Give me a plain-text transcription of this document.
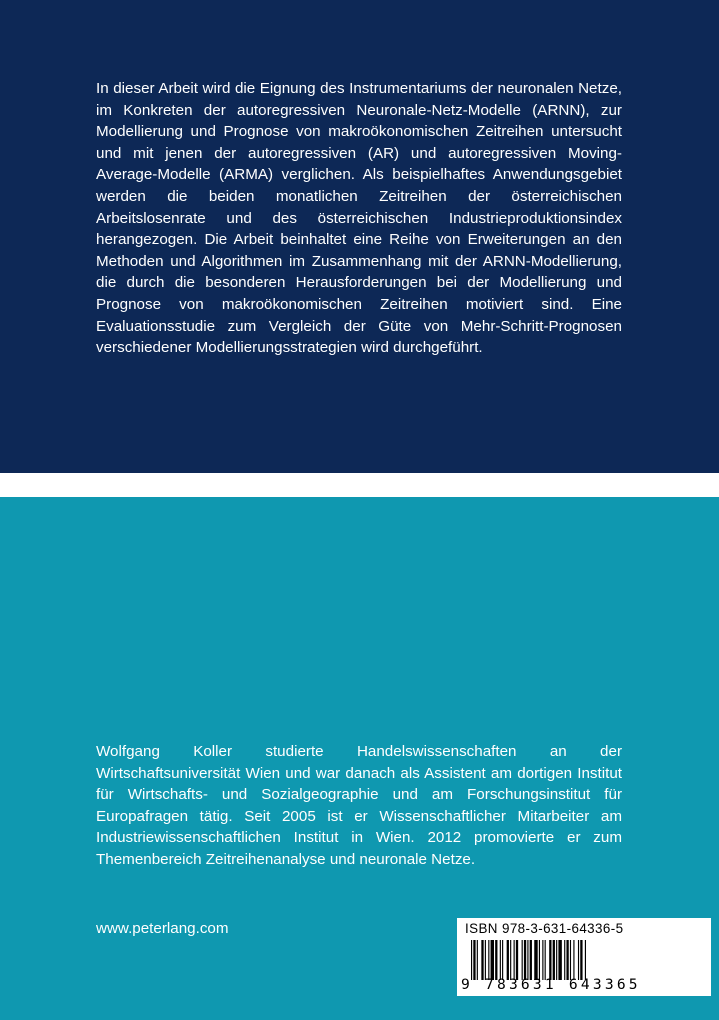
In dieser Arbeit wird die Eignung des Instrumentariums der neuronalen Netze, im Konkreten der autoregressiven Neuronale-Netz-Modelle (ARNN), zur Modellierung und Prognose von makroökonomischen Zeitreihen untersucht und mit jenen der autoregressiven (AR) und autoregressiven Moving-Average-Modelle (ARMA) verglichen. Als beispielhaftes Anwendungsgebiet werden die beiden monatlichen Zeitreihen der österreichischen Arbeitslosenrate und des österreichischen Industrieproduktionsindex herangezogen. Die Arbeit beinhaltet eine Reihe von Erweiterungen an den Methoden und Algorithmen im Zusammenhang mit der ARNN-Modellierung, die durch die besonderen Herausforderungen bei der Modellierung und Prognose von makroökonomischen Zeitreihen motiviert sind. Eine Evaluationsstudie zum Vergleich der Güte von Mehr-Schritt-Prognosen verschiedener Modellierungsstrategien wird durchgeführt.

Wolfgang Koller studierte Handelswissenschaften an der Wirtschaftsuniversität Wien und war danach als Assistent am dortigen Institut für Wirtschafts- und Sozialgeographie und am Forschungsinstitut für Europafragen tätig. Seit 2005 ist er Wissenschaftlicher Mitarbeiter am Industriewissenschaftlichen Institut in Wien. 2012 promovierte er zum Themenbereich Zeitreihenanalyse und neuronale Netze.

www.peterlang.com	ISBN 978-3-631-64336-5
9 783631 643365
